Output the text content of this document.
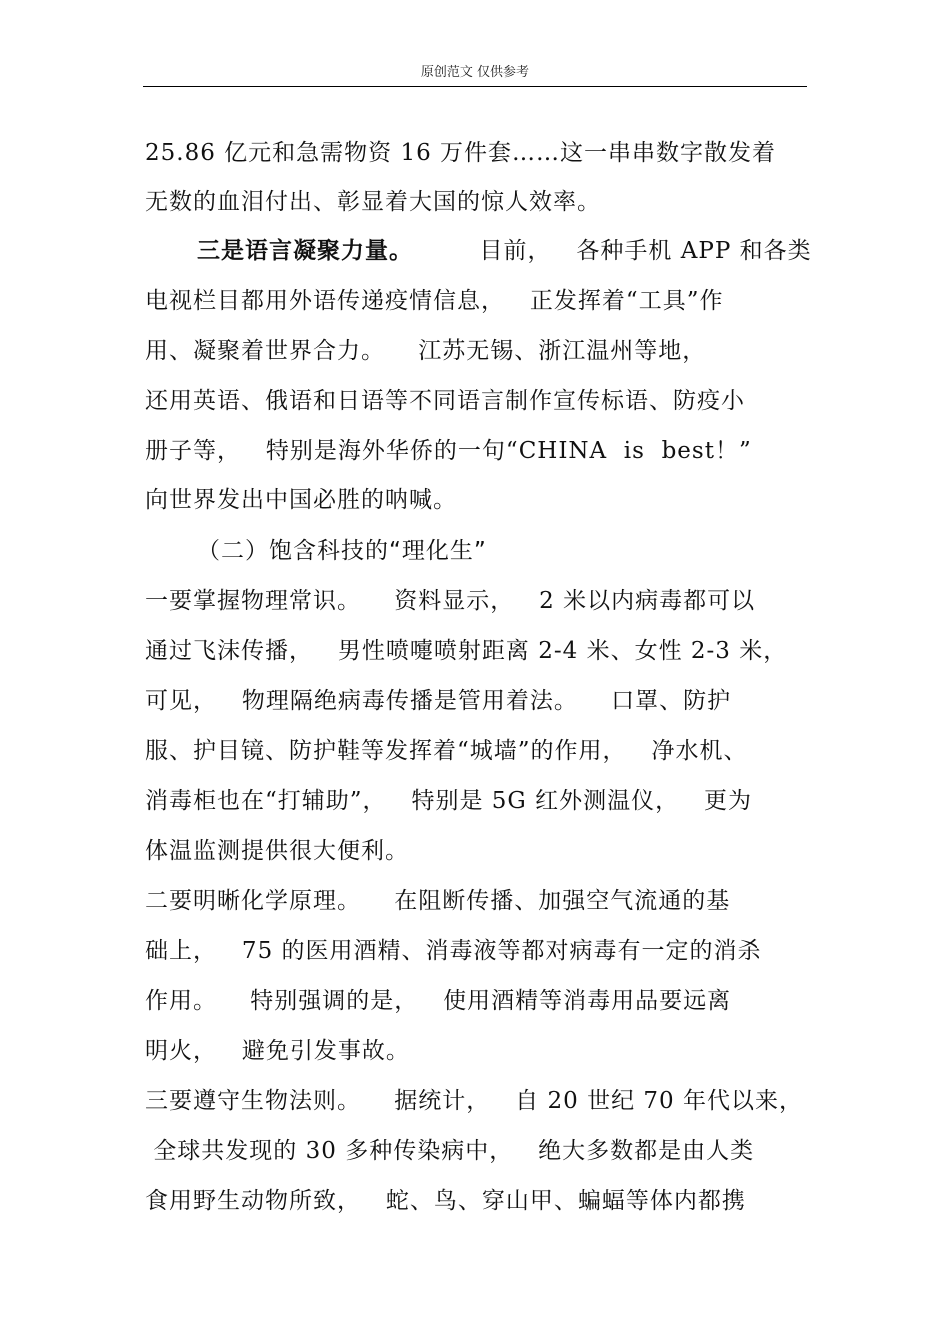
原创范文 仅供参考
25.86 亿元和急需物资 16 万件套……这一串串数字散发着
无数的血泪付出、彰显着大国的惊人效率。
三是语言凝聚力量。	目前，   各种手机 APP 和各类
电视栏目都用外语传递疫情信息，   正发挥着“工具”作
用、凝聚着世界合力。    江苏无锡、浙江温州等地，
还用英语、俄语和日语等不同语言制作宣传标语、防疫小
册子等，   特别是海外华侨的一句“CHINA  is  best！”
向世界发出中国必胜的呐喊。
（二）饱含科技的“理化生”
一要掌握物理常识。    资料显示，   2 米以内病毒都可以
通过飞沫传播，   男性喷嚏喷射距离 2-4 米、女性 2-3 米，
可见，   物理隔绝病毒传播是管用着法。    口罩、防护
服、护目镜、防护鞋等发挥着“城墙”的作用，   净水机、
消毒柜也在“打辅助”，   特别是 5G 红外测温仪，   更为
体温监测提供很大便利。
二要明晰化学原理。    在阻断传播、加强空气流通的基
础上，   75 的医用酒精、消毒液等都对病毒有一定的消杀
作用。    特别强调的是，   使用酒精等消毒用品要远离
明火，   避免引发事故。
三要遵守生物法则。    据统计，   自 20 世纪 70 年代以来，
全球共发现的 30 多种传染病中，   绝大多数都是由人类
食用野生动物所致，   蛇、鸟、穿山甲、蝙蝠等体内都携
